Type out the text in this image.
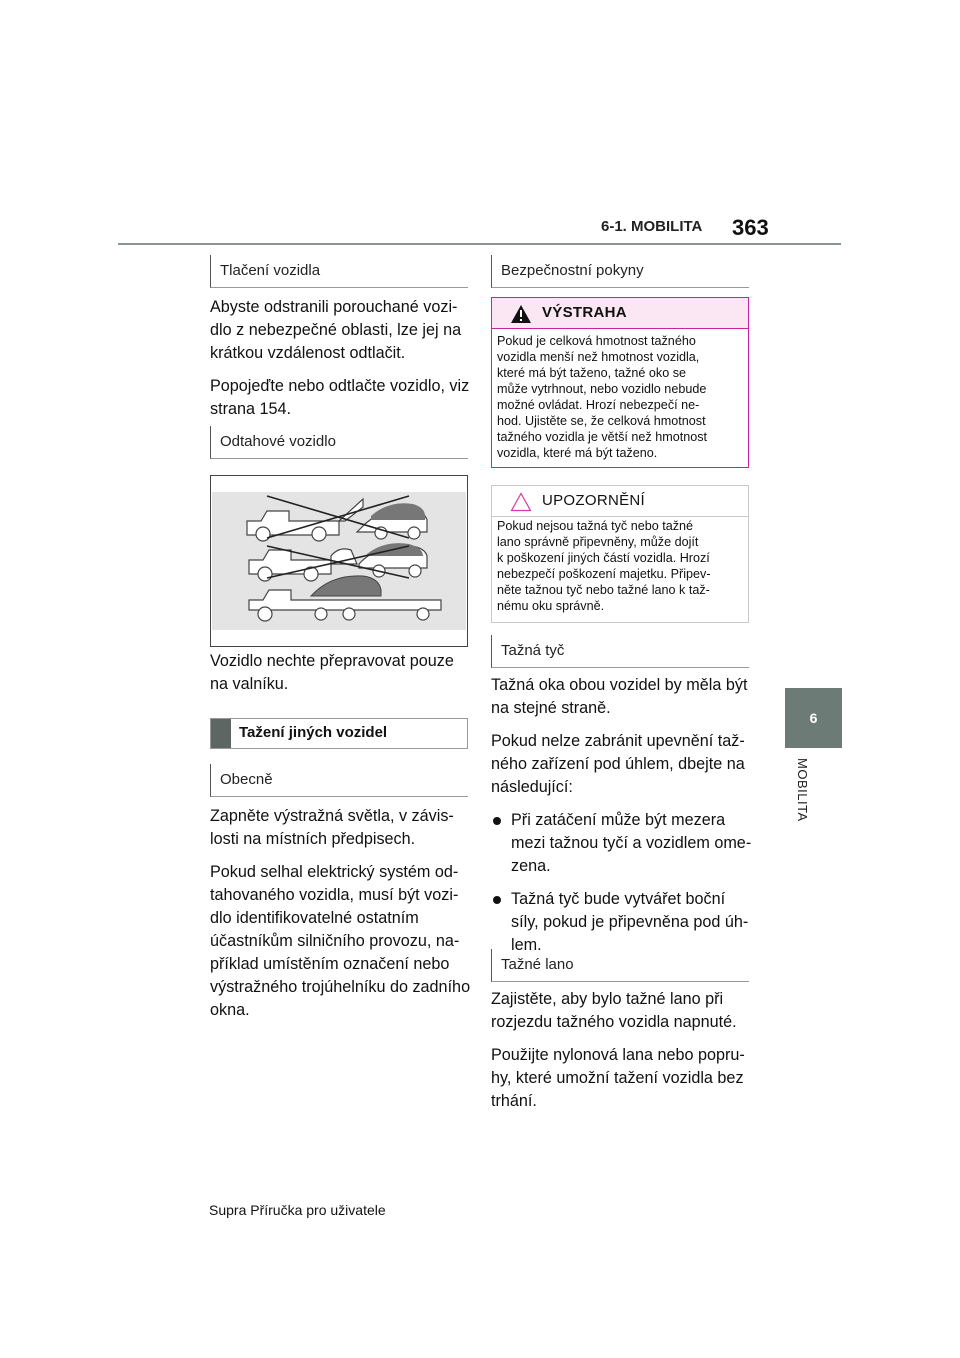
6-1. MOBILITA 363
6
MOBILITA
Tlačení vozidla

Abyste odstranili porouchané vozi-

dlo z nebezpečné oblasti, lze jej na

krátkou vzdálenost odtlačit.

Popojeďte nebo odtlačte vozidlo, viz

strana 154.

Odtahové vozidlo

Vozidlo nechte přepravovat pouze

na valníku.

Tažení jiných vozidel
Obecně

Zapněte výstražná světla, v závis-

losti na místních předpisech.

Pokud selhal elektrický systém od-

tahovaného vozidla, musí být vozi-

dlo identifikovatelné ostatním

účastníkům silničního provozu, na-

příklad umístěním označení nebo

výstražného trojúhelníku do zadního

okna.

Bezpečnostní pokyny
VÝSTRAHA
Pokud je celková hmotnost tažného
vozidla menší než hmotnost vozidla,
které má být taženo, tažné oko se
může vytrhnout, nebo vozidlo nebude
možné ovládat. Hrozí nebezpečí ne-
hod. Ujistěte se, že celková hmotnost
tažného vozidla je větší než hmotnost
vozidla, které má být taženo.
UPOZORNĚNÍ
Pokud nejsou tažná tyč nebo tažné
lano správně připevněny, může dojít
k poškození jiných částí vozidla. Hrozí
nebezpečí poškození majetku. Připev-
něte tažnou tyč nebo tažné lano k taž-
nému oku správně.
Tažná tyč

Tažná oka obou vozidel by měla být

na stejné straně.

Pokud nelze zabránit upevnění taž-

ného zařízení pod úhlem, dbejte na

následující:

Při zatáčení může být mezera
mezi tažnou tyčí a vozidlem ome-
zena.
Tažná tyč bude vytvářet boční
síly, pokud je připevněna pod úh-
lem.
Tažné lano

Zajistěte, aby bylo tažné lano při

rozjezdu tažného vozidla napnuté.

Použijte nylonová lana nebo popru-

hy, které umožní tažení vozidla bez

trhání.

Supra Příručka pro uživatele
